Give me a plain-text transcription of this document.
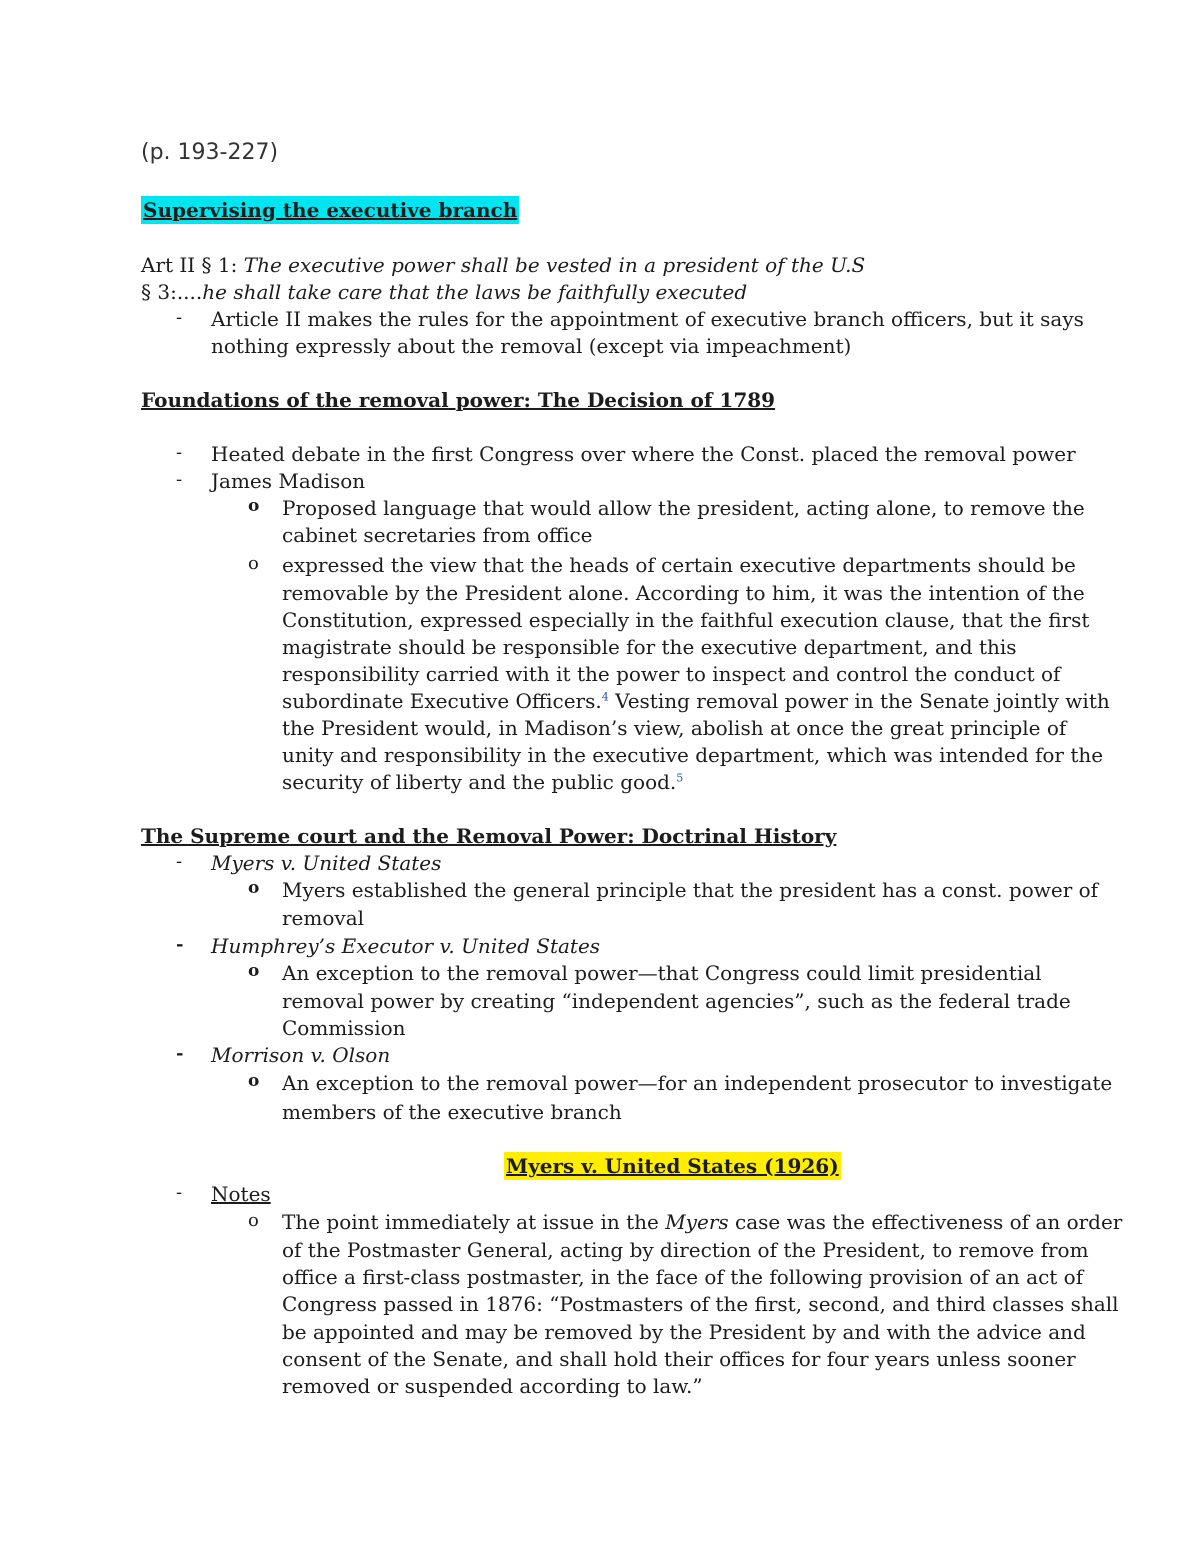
(p. 193-227)
Supervising the executive branch
Art II § 1: The executive power shall be vested in a president of the U.S
§ 3:....he shall take care that the laws be faithfully executed
- Article II makes the rules for the appointment of executive branch officers, but it says
nothing expressly about the removal (except via impeachment)
Foundations of the removal power: The Decision of 1789
- Heated debate in the first Congress over where the Const. placed the removal power
- James Madison
o Proposed language that would allow the president, acting alone, to remove the
cabinet secretaries from office
o expressed the view that the heads of certain executive departments should be
removable by the President alone. According to him, it was the intention of the
Constitution, expressed especially in the faithful execution clause, that the first
magistrate should be responsible for the executive department, and this
responsibility carried with it the power to inspect and control the conduct of
subordinate Executive Officers.$^4$ Vesting removal power in the Senate jointly with
the President would, in Madison’s view, abolish at once the great principle of
unity and responsibility in the executive department, which was intended for the
security of liberty and the public good.$^5$
The Supreme court and the Removal Power: Doctrinal History
- Myers v. United States
o Myers established the general principle that the president has a const. power of
removal
- Humphrey’s Executor v. United States
o An exception to the removal power—that Congress could limit presidential
removal power by creating “independent agencies”, such as the federal trade
Commission
- Morrison v. Olson
o An exception to the removal power—for an independent prosecutor to investigate
members of the executive branch
Myers v. United States (1926)
- Notes
o The point immediately at issue in the Myers case was the effectiveness of an order
of the Postmaster General, acting by direction of the President, to remove from
office a first-class postmaster, in the face of the following provision of an act of
Congress passed in 1876: “Postmasters of the first, second, and third classes shall
be appointed and may be removed by the President by and with the advice and
consent of the Senate, and shall hold their offices for four years unless sooner
removed or suspended according to law.”
